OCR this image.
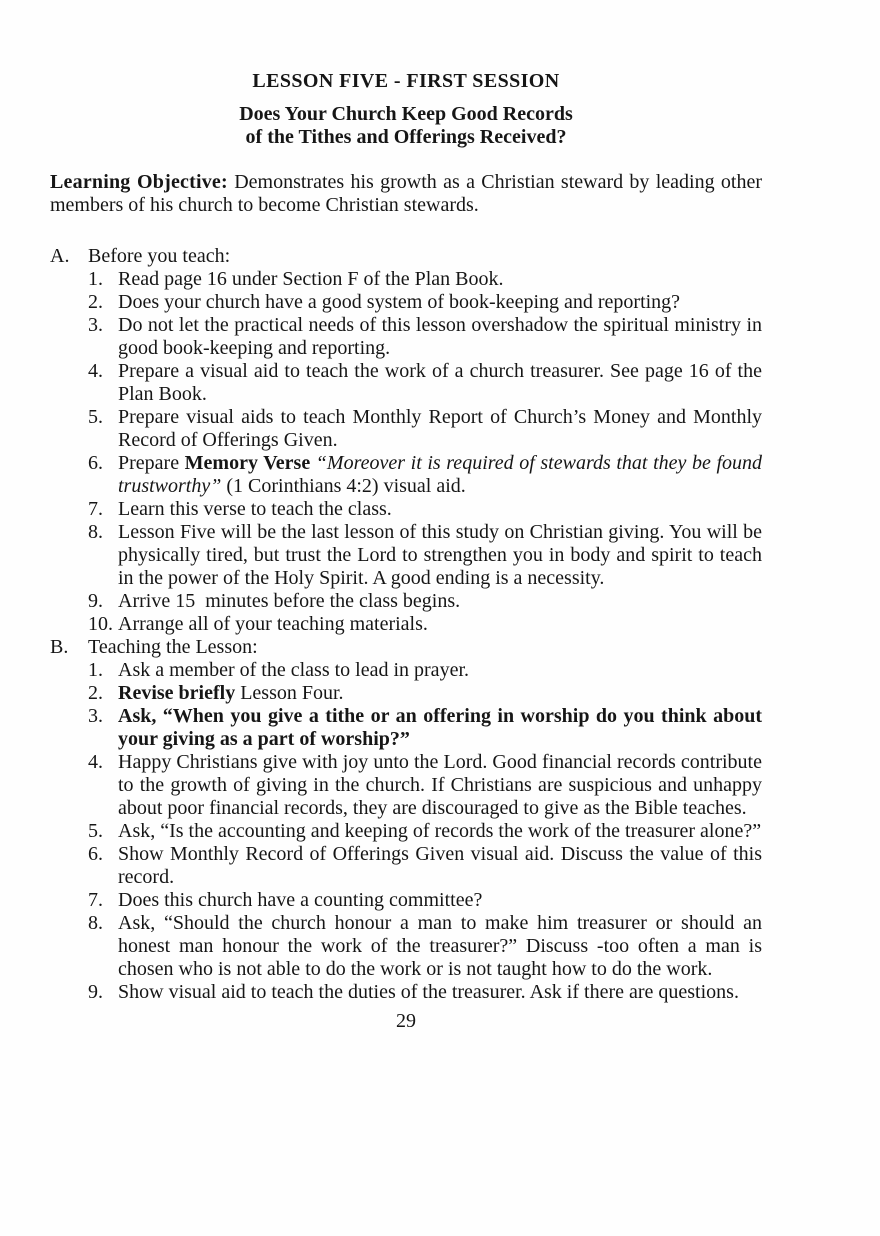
LESSON FIVE - FIRST SESSION
Does Your Church Keep Good Records
of the Tithes and Offerings Received?

Learning Objective: Demonstrates his growth as a Christian steward by leading other members of his church to become Christian stewards.

A. Before you teach:
1. Read page 16 under Section F of the Plan Book.
2. Does your church have a good system of book-keeping and reporting?
3. Do not let the practical needs of this lesson overshadow the spiritual ministry in good book-keeping and reporting.
4. Prepare a visual aid to teach the work of a church treasurer. See page 16 of the Plan Book.
5. Prepare visual aids to teach Monthly Report of Church’s Money and Monthly Record of Offerings Given.
6. Prepare Memory Verse “Moreover it is required of stewards that they be found trustworthy” (1 Corinthians 4:2) visual aid.
7. Learn this verse to teach the class.
8. Lesson Five will be the last lesson of this study on Christian giving. You will be physically tired, but trust the Lord to strengthen you in body and spirit to teach in the power of the Holy Spirit. A good ending is a necessity.
9. Arrive 15  minutes before the class begins.
10. Arrange all of your teaching materials.
B. Teaching the Lesson:
1. Ask a member of the class to lead in prayer.
2. Revise briefly Lesson Four.
3. Ask, “When you give a tithe or an offering in worship do you think about your giving as a part of worship?”
4. Happy Christians give with joy unto the Lord. Good financial records contribute to the growth of giving in the church. If Christians are suspicious and unhappy about poor financial records, they are discouraged to give as the Bible teaches.
5. Ask, “Is the accounting and keeping of records the work of the treasurer alone?”
6. Show Monthly Record of Offerings Given visual aid. Discuss the value of this record.
7. Does this church have a counting committee?
8. Ask, “Should the church honour a man to make him treasurer or should an honest man honour the work of the treasurer?” Discuss -too often a man is chosen who is not able to do the work or is not taught how to do the work.
9. Show visual aid to teach the duties of the treasurer. Ask if there are questions.
29
